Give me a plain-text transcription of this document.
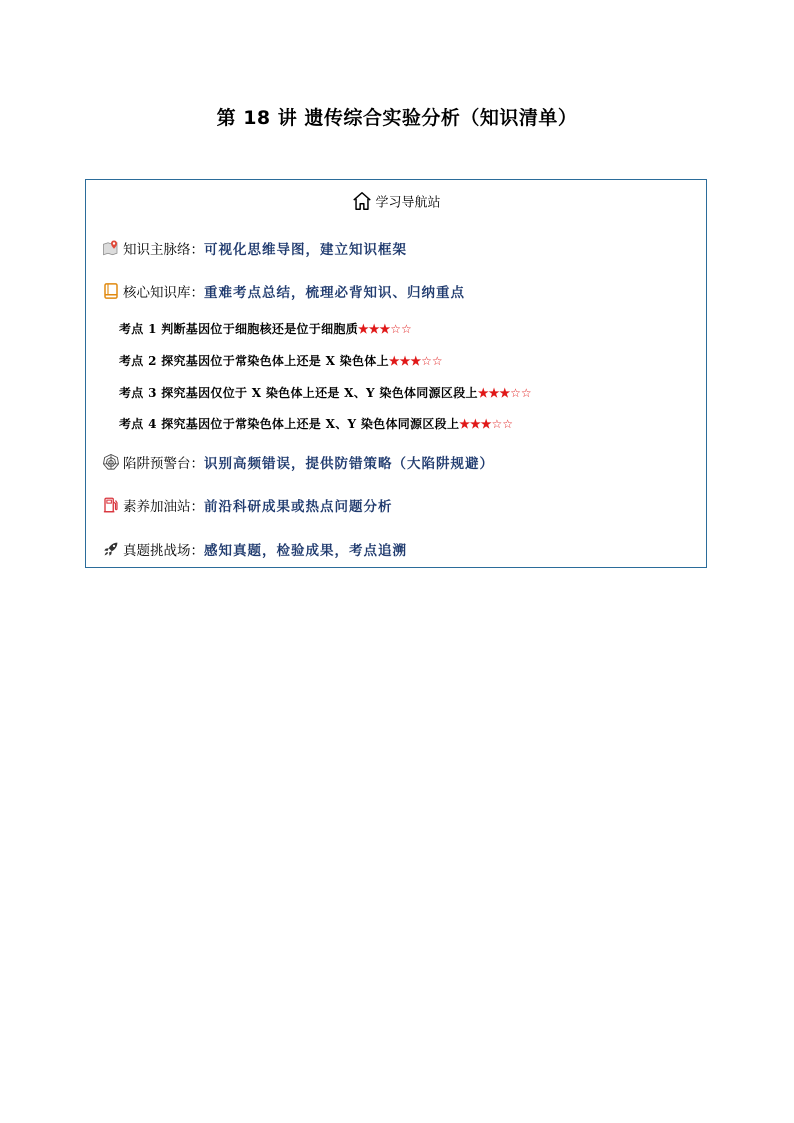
第 18 讲 遗传综合实验分析（知识清单）
学习导航站
知识主脉络： 可视化思维导图，建立知识框架
核心知识库： 重难考点总结，梳理必背知识、归纳重点
考点 1 判断基因位于细胞核还是位于细胞质★★★☆☆
考点 2 探究基因位于常染色体上还是 X 染色体上★★★☆☆
考点 3 探究基因仅位于 X 染色体上还是 X、Y 染色体同源区段上★★★☆☆
考点 4 探究基因位于常染色体上还是 X、Y 染色体同源区段上★★★☆☆
陷阱预警台： 识别高频错误，提供防错策略（大陷阱规避）
素养加油站： 前沿科研成果或热点问题分析
真题挑战场： 感知真题，检验成果，考点追溯
